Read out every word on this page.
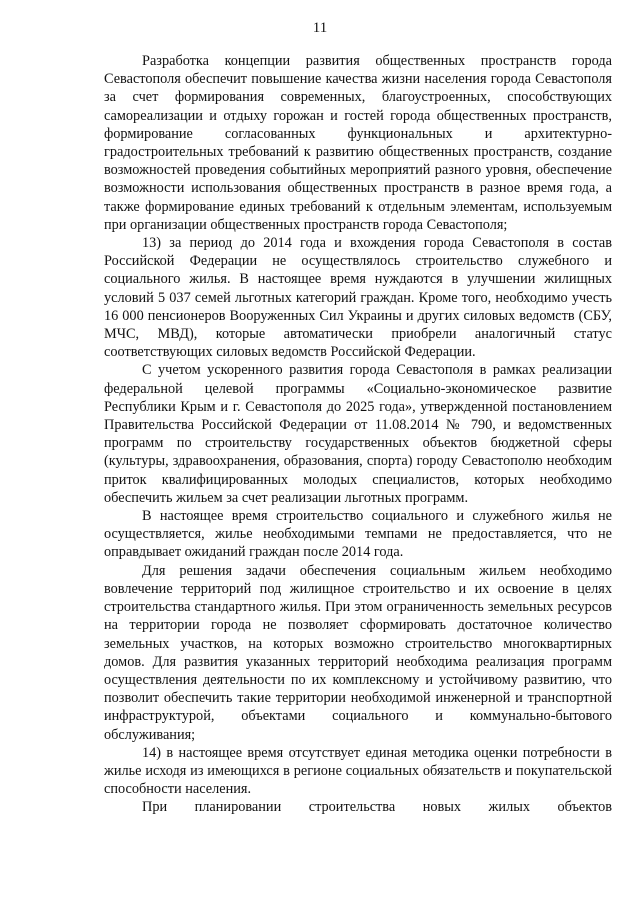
11

Разработка концепции развития общественных пространств города Севастополя обеспечит повышение качества жизни населения города Севастополя за счет формирования современных, благоустроенных, способствующих самореализации и отдыху горожан и гостей города общественных пространств, формирование согласованных функциональных и архитектурно-градостроительных требований к развитию общественных пространств, создание возможностей проведения событийных мероприятий разного уровня, обеспечение возможности использования общественных пространств в разное время года, а также формирование единых требований к отдельным элементам, используемым при организации общественных пространств города Севастополя;

13) за период до 2014 года и вхождения города Севастополя в состав Российской Федерации не осуществлялось строительство служебного и социального жилья. В настоящее время нуждаются в улучшении жилищных условий 5 037 семей льготных категорий граждан. Кроме того, необходимо учесть 16 000 пенсионеров Вооруженных Сил Украины и других силовых ведомств (СБУ, МЧС, МВД), которые автоматически приобрели аналогичный статус соответствующих силовых ведомств Российской Федерации.

С учетом ускоренного развития города Севастополя в рамках реализации федеральной целевой программы «Социально-экономическое развитие Республики Крым и г. Севастополя до 2025 года», утвержденной постановлением Правительства Российской Федерации от 11.08.2014 № 790, и ведомственных программ по строительству государственных объектов бюджетной сферы (культуры, здравоохранения, образования, спорта) городу Севастополю необходим приток квалифицированных молодых специалистов, которых необходимо обеспечить жильем за счет реализации льготных программ.

В настоящее время строительство социального и служебного жилья не осуществляется, жилье необходимыми темпами не предоставляется, что не оправдывает ожиданий граждан после 2014 года.

Для решения задачи обеспечения социальным жильем необходимо вовлечение территорий под жилищное строительство и их освоение в целях строительства стандартного жилья. При этом ограниченность земельных ресурсов на территории города не позволяет сформировать достаточное количество земельных участков, на которых возможно строительство многоквартирных домов. Для развития указанных территорий необходима реализация программ осуществления деятельности по их комплексному и устойчивому развитию, что позволит обеспечить такие территории необходимой инженерной и транспортной инфраструктурой, объектами социального и коммунально-бытового обслуживания;

14) в настоящее время отсутствует единая методика оценки потребности в жилье исходя из имеющихся в регионе социальных обязательств и покупательской способности населения.

При планировании строительства новых жилых объектов
